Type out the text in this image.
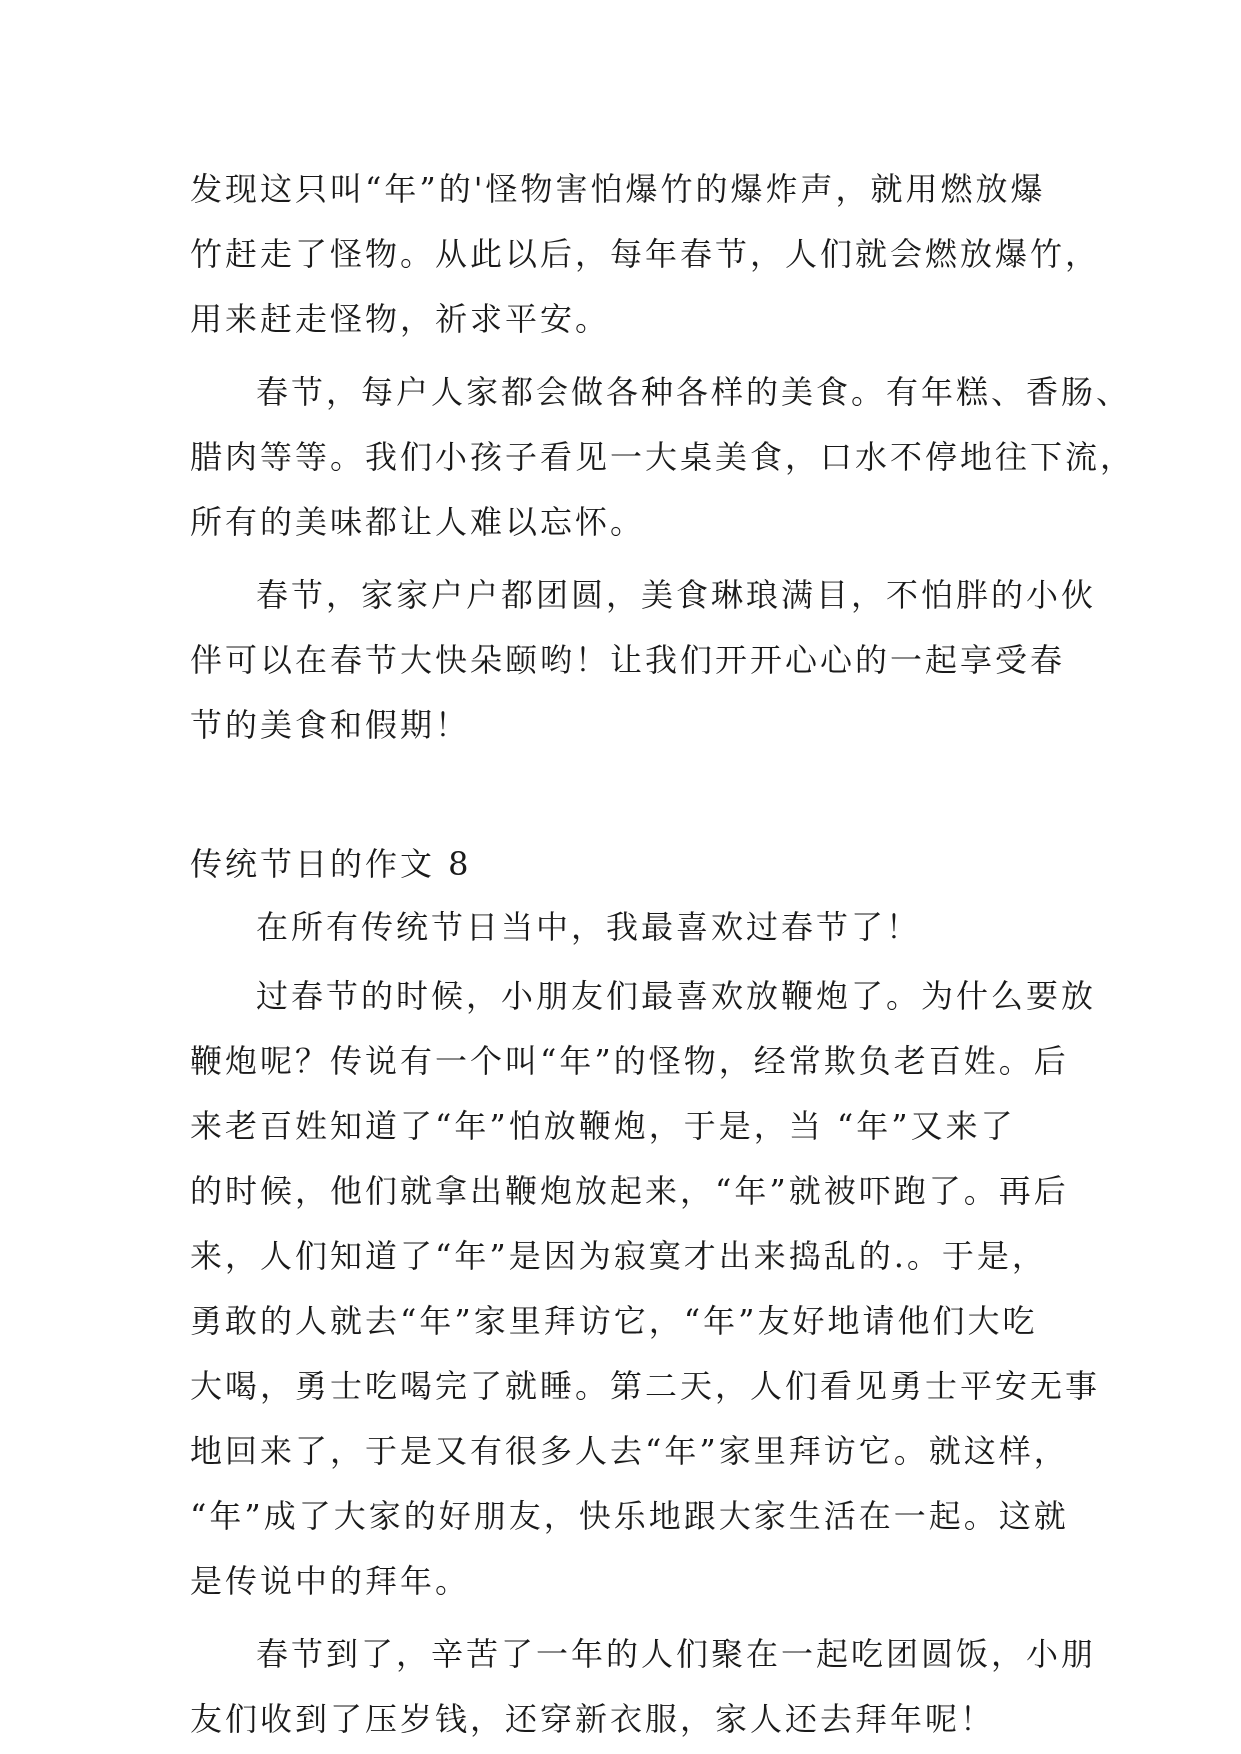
发现这只叫“年”的'怪物害怕爆竹的爆炸声，就用燃放爆
竹赶走了怪物。从此以后，每年春节，人们就会燃放爆竹，
用来赶走怪物，祈求平安。
春节，每户人家都会做各种各样的美食。有年糕、香肠、
腊肉等等。我们小孩子看见一大桌美食，口水不停地往下流，
所有的美味都让人难以忘怀。
春节，家家户户都团圆，美食琳琅满目，不怕胖的小伙
伴可以在春节大快朵颐哟！让我们开开心心的一起享受春
节的美食和假期！
传统节日的作文 8
在所有传统节日当中，我最喜欢过春节了！
过春节的时候，小朋友们最喜欢放鞭炮了。为什么要放
鞭炮呢？传说有一个叫“年”的怪物，经常欺负老百姓。后
来老百姓知道了“年”怕放鞭炮，于是，当 “年”又来了
的时候，他们就拿出鞭炮放起来，“年”就被吓跑了。再后
来，人们知道了“年”是因为寂寞才出来捣乱的.。于是，
勇敢的人就去“年”家里拜访它，“年”友好地请他们大吃
大喝，勇士吃喝完了就睡。第二天，人们看见勇士平安无事
地回来了，于是又有很多人去“年”家里拜访它。就这样，
“年”成了大家的好朋友，快乐地跟大家生活在一起。这就
是传说中的拜年。
春节到了，辛苦了一年的人们聚在一起吃团圆饭，小朋
友们收到了压岁钱，还穿新衣服，家人还去拜年呢！
